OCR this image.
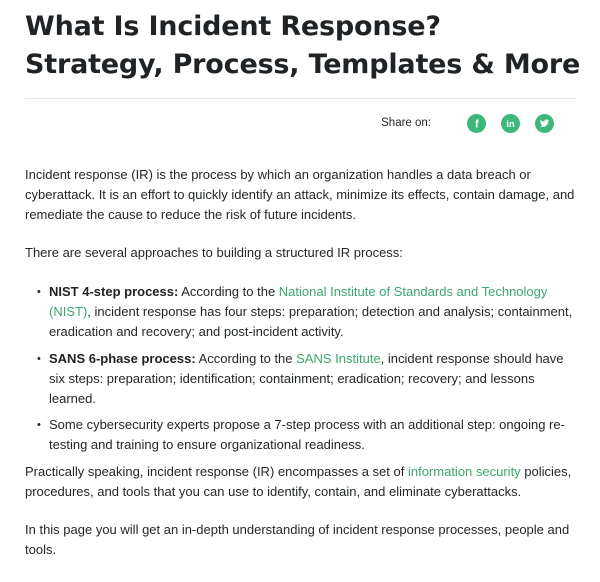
What Is Incident Response? Strategy, Process, Templates & More
Share on:	f	in

Incident response (IR) is the process by which an organization handles a data breach or cyberattack. It is an effort to quickly identify an attack, minimize its effects, contain damage, and remediate the cause to reduce the risk of future incidents.

There are several approaches to building a structured IR process:

• NIST 4-step process: According to the National Institute of Standards and Technology (NIST), incident response has four steps: preparation; detection and analysis; containment, eradication and recovery; and post-incident activity.
• SANS 6-phase process: According to the SANS Institute, incident response should have six steps: preparation; identification; containment; eradication; recovery; and lessons learned.
• Some cybersecurity experts propose a 7-step process with an additional step: ongoing re-testing and training to ensure organizational readiness.

Practically speaking, incident response (IR) encompasses a set of information security policies, procedures, and tools that you can use to identify, contain, and eliminate cyberattacks.

In this page you will get an in-depth understanding of incident response processes, people and tools.
